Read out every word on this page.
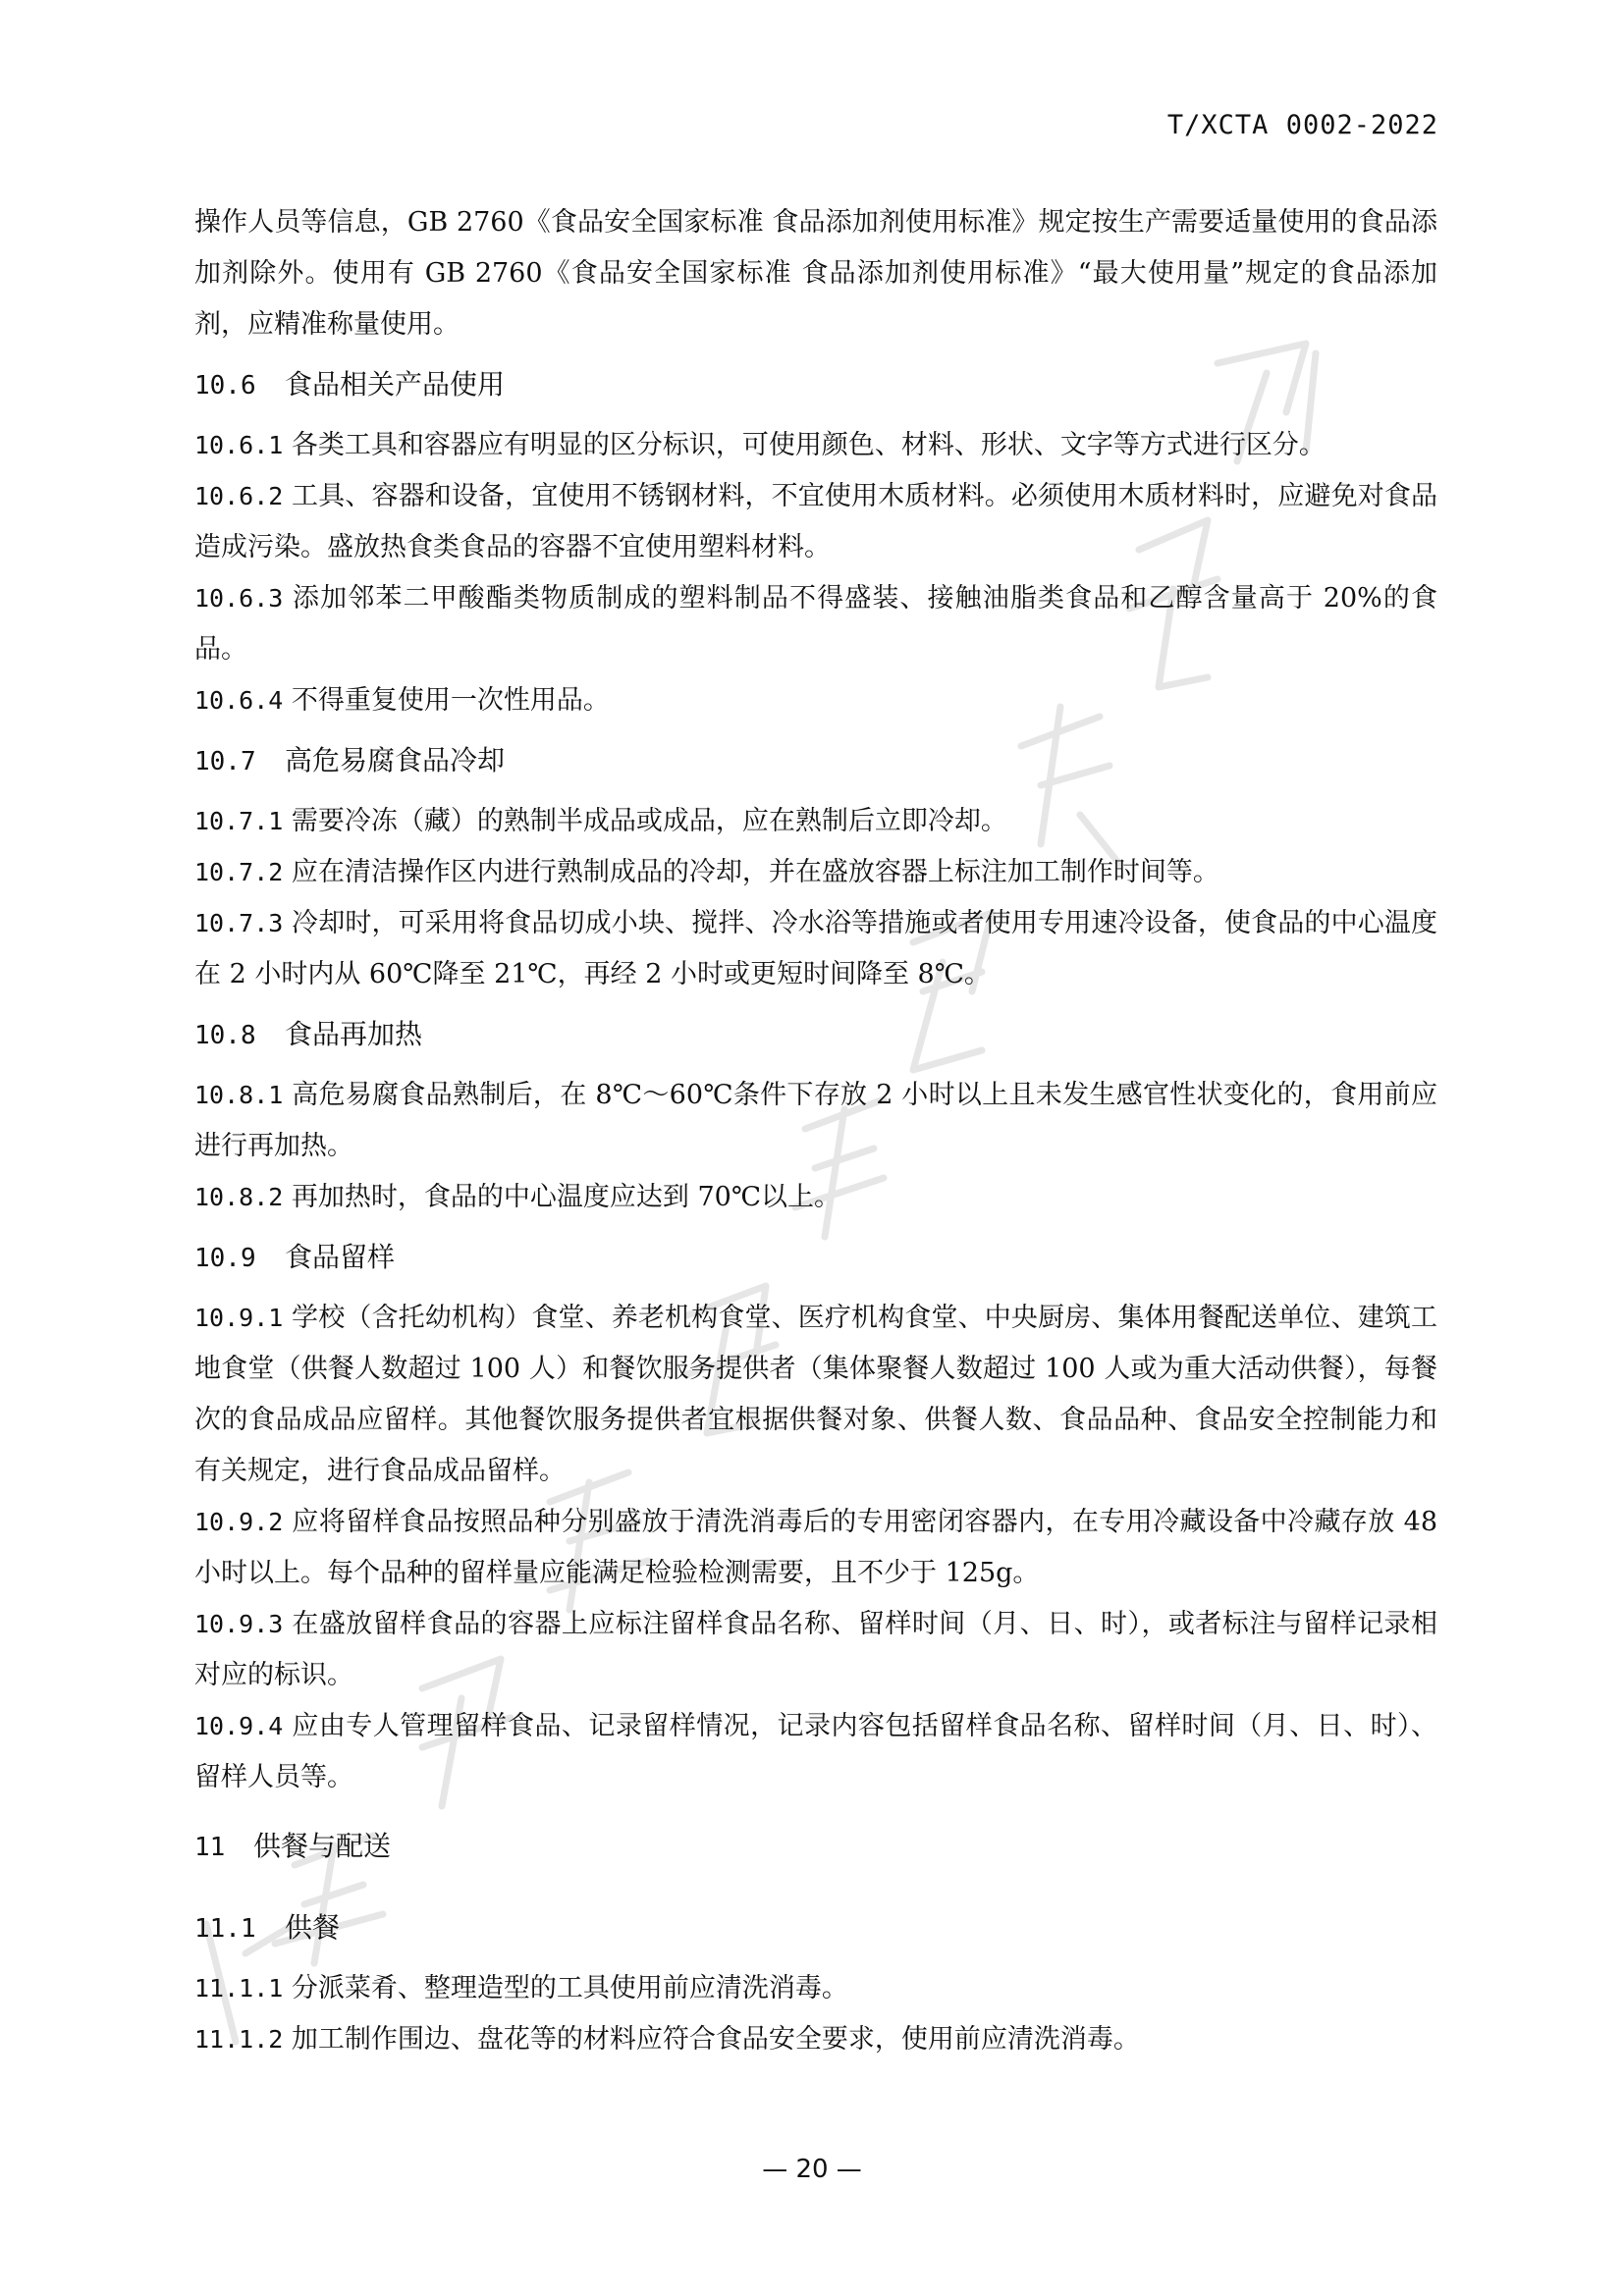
T/XCTA 0002-2022

操作人员等信息，GB 2760《食品安全国家标准 食品添加剂使用标准》规定按生产需要适量使用的食品添加剂除外。使用有 GB 2760《食品安全国家标准 食品添加剂使用标准》“最大使用量”规定的食品添加剂，应精准称量使用。

10.6 食品相关产品使用

10.6.1 各类工具和容器应有明显的区分标识，可使用颜色、材料、形状、文字等方式进行区分。

10.6.2 工具、容器和设备，宜使用不锈钢材料，不宜使用木质材料。必须使用木质材料时，应避免对食品造成污染。盛放热食类食品的容器不宜使用塑料材料。

10.6.3 添加邻苯二甲酸酯类物质制成的塑料制品不得盛装、接触油脂类食品和乙醇含量高于 20%的食品。

10.6.4 不得重复使用一次性用品。

10.7 高危易腐食品冷却

10.7.1 需要冷冻（藏）的熟制半成品或成品，应在熟制后立即冷却。

10.7.2 应在清洁操作区内进行熟制成品的冷却，并在盛放容器上标注加工制作时间等。

10.7.3 冷却时，可采用将食品切成小块、搅拌、冷水浴等措施或者使用专用速冷设备，使食品的中心温度在 2 小时内从 60℃降至 21℃，再经 2 小时或更短时间降至 8℃。

10.8 食品再加热

10.8.1 高危易腐食品熟制后，在 8℃～60℃条件下存放 2 小时以上且未发生感官性状变化的，食用前应进行再加热。

10.8.2 再加热时，食品的中心温度应达到 70℃以上。

10.9 食品留样

10.9.1 学校（含托幼机构）食堂、养老机构食堂、医疗机构食堂、中央厨房、集体用餐配送单位、建筑工地食堂（供餐人数超过 100 人）和餐饮服务提供者（集体聚餐人数超过 100 人或为重大活动供餐），每餐次的食品成品应留样。其他餐饮服务提供者宜根据供餐对象、供餐人数、食品品种、食品安全控制能力和有关规定，进行食品成品留样。

10.9.2 应将留样食品按照品种分别盛放于清洗消毒后的专用密闭容器内，在专用冷藏设备中冷藏存放 48 小时以上。每个品种的留样量应能满足检验检测需要，且不少于 125g。

10.9.3 在盛放留样食品的容器上应标注留样食品名称、留样时间（月、日、时），或者标注与留样记录相对应的标识。

10.9.4 应由专人管理留样食品、记录留样情况，记录内容包括留样食品名称、留样时间（月、日、时）、留样人员等。

11 供餐与配送
11.1 供餐

11.1.1 分派菜肴、整理造型的工具使用前应清洗消毒。

11.1.2 加工制作围边、盘花等的材料应符合食品安全要求，使用前应清洗消毒。

— 20 —
